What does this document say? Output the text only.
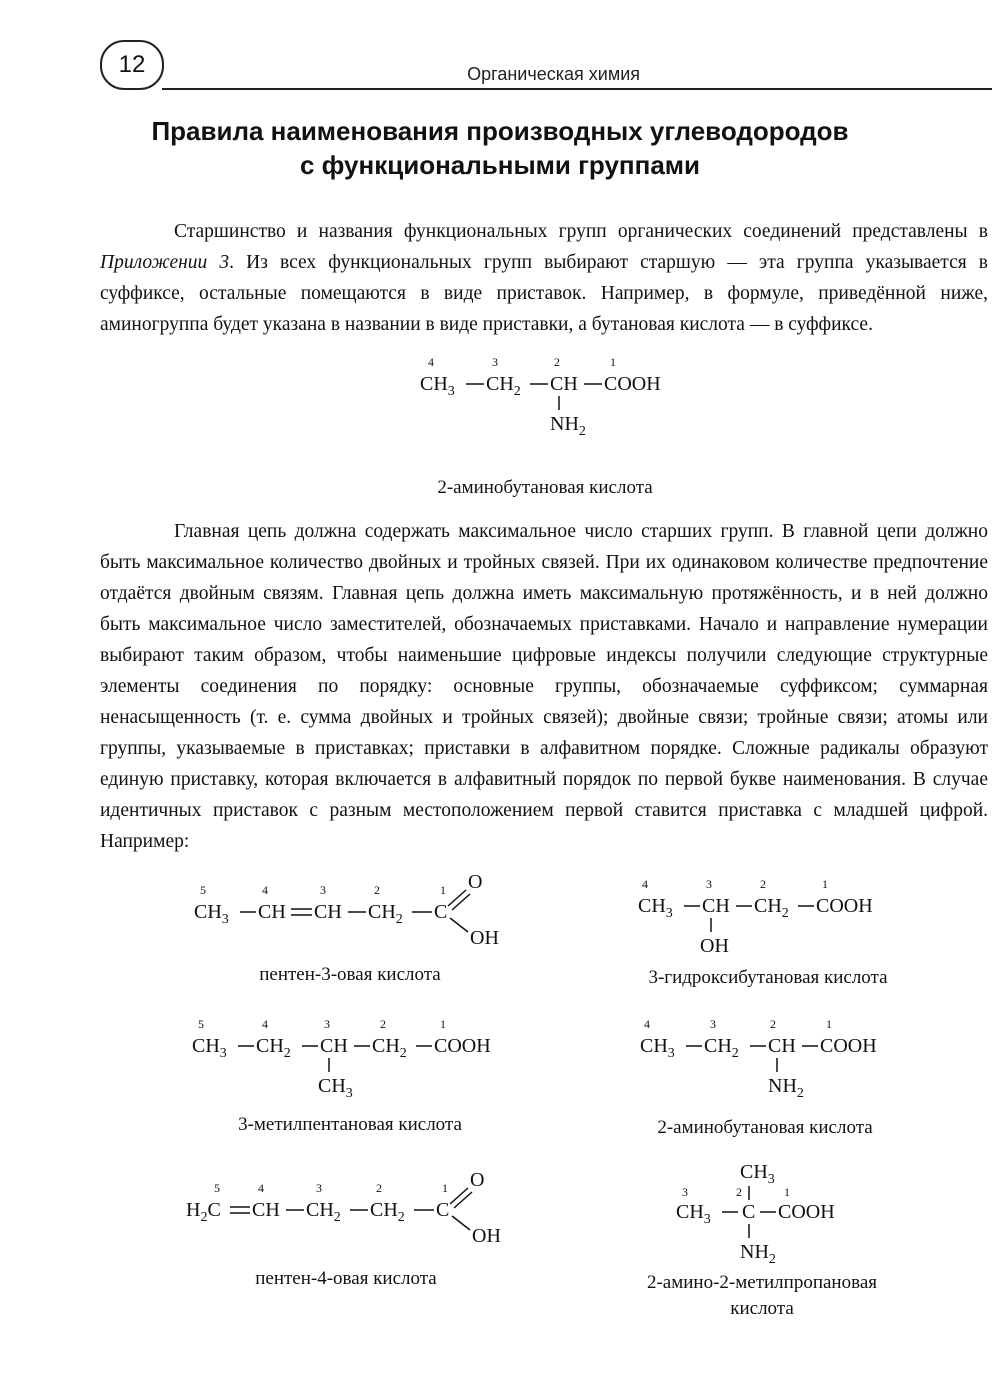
12	Органическая химия
Правила наименования производных углеводородов
с функциональными группами

Старшинство и названия функциональных групп органических соединений представлены в Приложении 3. Из всех функциональных групп выбирают старшую — эта группа указывается в суффиксе, остальные помещаются в виде приставок. Например, в формуле, приведённой ниже, аминогруппа будет указана в названии в виде приставки, а бутановая кислота — в суффиксе.

4	3	2	1
$CH_3$ $CH_2$ CH COOH
$NH_2$
2-аминобутановая кислота

Главная цепь должна содержать максимальное число старших групп. В главной цепи должно быть максимальное количество двойных и тройных связей. При их одинаковом количестве предпочтение отдаётся двойным связям. Главная цепь должна иметь максимальную протяжённость, и в ней должно быть максимальное число заместителей, обозначаемых приставками. Начало и направление нумерации выбирают таким образом, чтобы наименьшие цифровые индексы получили следующие структурные элементы соединения по порядку: основные группы, обозначаемые суффиксом; суммарная ненасыщенность (т. е. сумма двойных и тройных связей); двойные связи; тройные связи; атомы или группы, указываемые в приставках; приставки в алфавитном порядке. Сложные радикалы образуют единую приставку, которая включается в алфавитный порядок по первой букве наименования. В случае идентичных приставок с разным местоположением первой ставится приставка с младшей цифрой. Например:

5	4	3	2	1
$CH_3$ CH CH $CH_2$ C
O
OH
пентен-3-овая кислота
4	3	2	1
$CH_3$ CH $CH_2$ COOH
OH
3-гидроксибутановая кислота
5	4	3	2	1
$CH_3$ $CH_2$ CH $CH_2$ COOH
$CH_3$
3-метилпентановая кислота
4	3	2	1
$CH_3$ $CH_2$ CH COOH
$NH_2$
2-аминобутановая кислота
5	4	3	2	1
$H_2C$ CH $CH_2$ $CH_2$ C
O
OH
пентен-4-овая кислота
$CH_3$
3	2	1
$CH_3$ C COOH
$NH_2$
2-амино-2-метилпропановая
кислота
